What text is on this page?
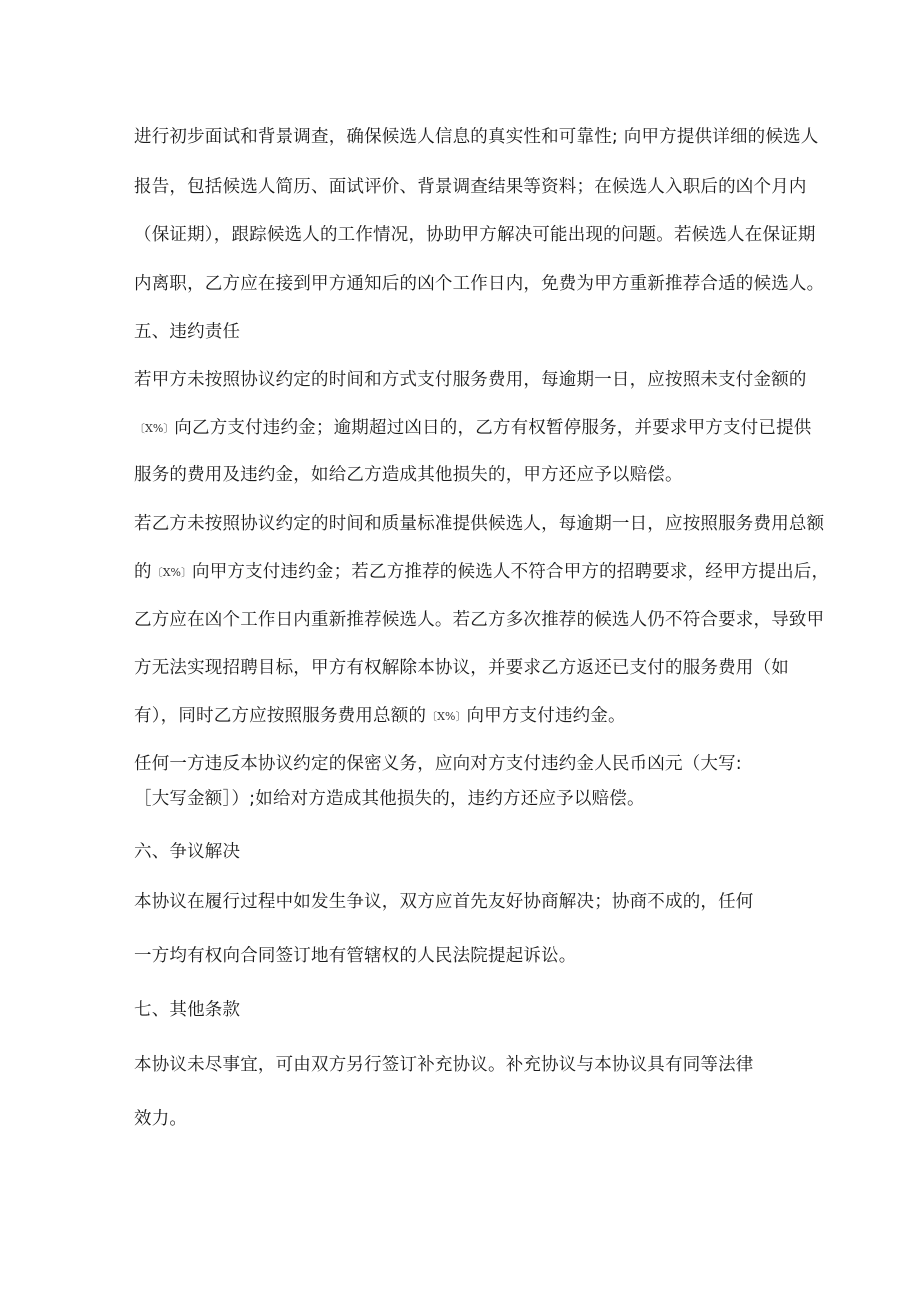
进行初步面试和背景调查，确保候选人信息的真实性和可靠性; 向甲方提供详细的候选人
报告，包括候选人简历、面试评价、背景调查结果等资料；在候选人入职后的凶个月内
（保证期），跟踪候选人的工作情况，协助甲方解决可能出现的问题。若候选人在保证期
内离职，乙方应在接到甲方通知后的凶个工作日内，免费为甲方重新推荐合适的候选人。
五、违约责任
若甲方未按照协议约定的时间和方式支付服务费用，每逾期一日，应按照未支付金额的
〔X%〕向乙方支付违约金；逾期超过凶日的，乙方有权暂停服务，并要求甲方支付已提供
服务的费用及违约金，如给乙方造成其他损失的，甲方还应予以赔偿。
若乙方未按照协议约定的时间和质量标准提供候选人，每逾期一日，应按照服务费用总额
的〔X%〕向甲方支付违约金；若乙方推荐的候选人不符合甲方的招聘要求，经甲方提出后，
乙方应在凶个工作日内重新推荐候选人。若乙方多次推荐的候选人仍不符合要求，导致甲
方无法实现招聘目标，甲方有权解除本协议，并要求乙方返还已支付的服务费用（如
有），同时乙方应按照服务费用总额的〔X%〕向甲方支付违约金。
任何一方违反本协议约定的保密义务，应向对方支付违约金人民币凶元（大写:
［大写金额］）;如给对方造成其他损失的，违约方还应予以赔偿。
六、争议解决
本协议在履行过程中如发生争议，双方应首先友好协商解决；协商不成的，任何
一方均有权向合同签订地有管辖权的人民法院提起诉讼。
七、其他条款
本协议未尽事宜，可由双方另行签订补充协议。补充协议与本协议具有同等法律
效力。
